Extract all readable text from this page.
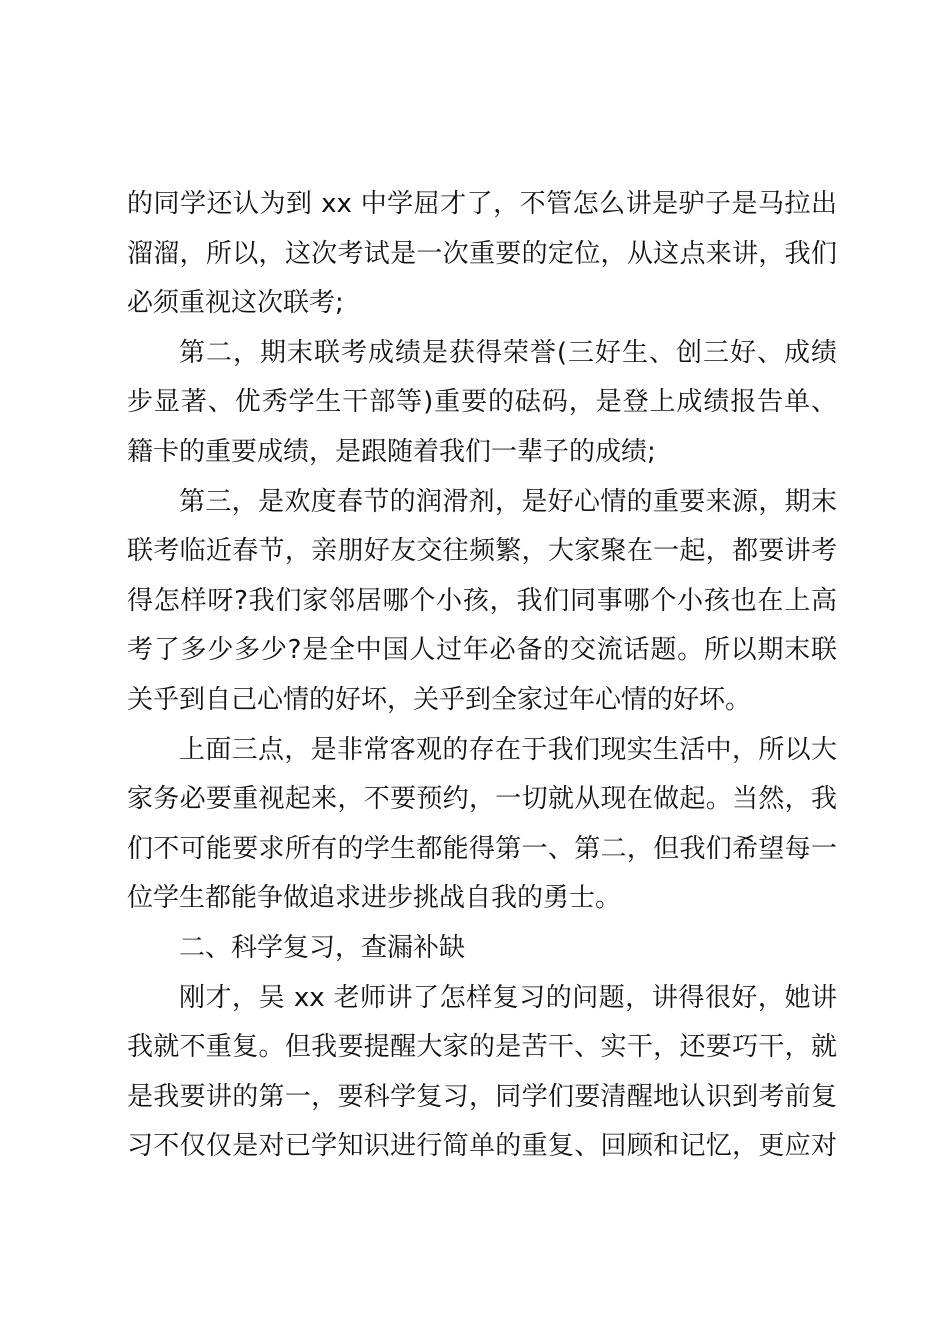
的同学还认为到 xx 中学屈才了，不管怎么讲是驴子是马拉出
溜溜，所以，这次考试是一次重要的定位，从这点来讲，我们
必须重视这次联考;
第二，期末联考成绩是获得荣誉(三好生、创三好、成绩
步显著、优秀学生干部等)重要的砝码，是登上成绩报告单、
籍卡的重要成绩，是跟随着我们一辈子的成绩;
第三，是欢度春节的润滑剂，是好心情的重要来源，期末
联考临近春节，亲朋好友交往频繁，大家聚在一起，都要讲考
得怎样呀?我们家邻居哪个小孩，我们同事哪个小孩也在上高
考了多少多少?是全中国人过年必备的交流话题。所以期末联
关乎到自己心情的好坏，关乎到全家过年心情的好坏。
上面三点，是非常客观的存在于我们现实生活中，所以大
家务必要重视起来，不要预约，一切就从现在做起。当然，我
们不可能要求所有的学生都能得第一、第二，但我们希望每一
位学生都能争做追求进步挑战自我的勇士。
二、科学复习，查漏补缺
刚才，吴 xx 老师讲了怎样复习的问题，讲得很好，她讲
我就不重复。但我要提醒大家的是苦干、实干，还要巧干，就
是我要讲的第一，要科学复习，同学们要清醒地认识到考前复
习不仅仅是对已学知识进行简单的重复、回顾和记忆，更应对
